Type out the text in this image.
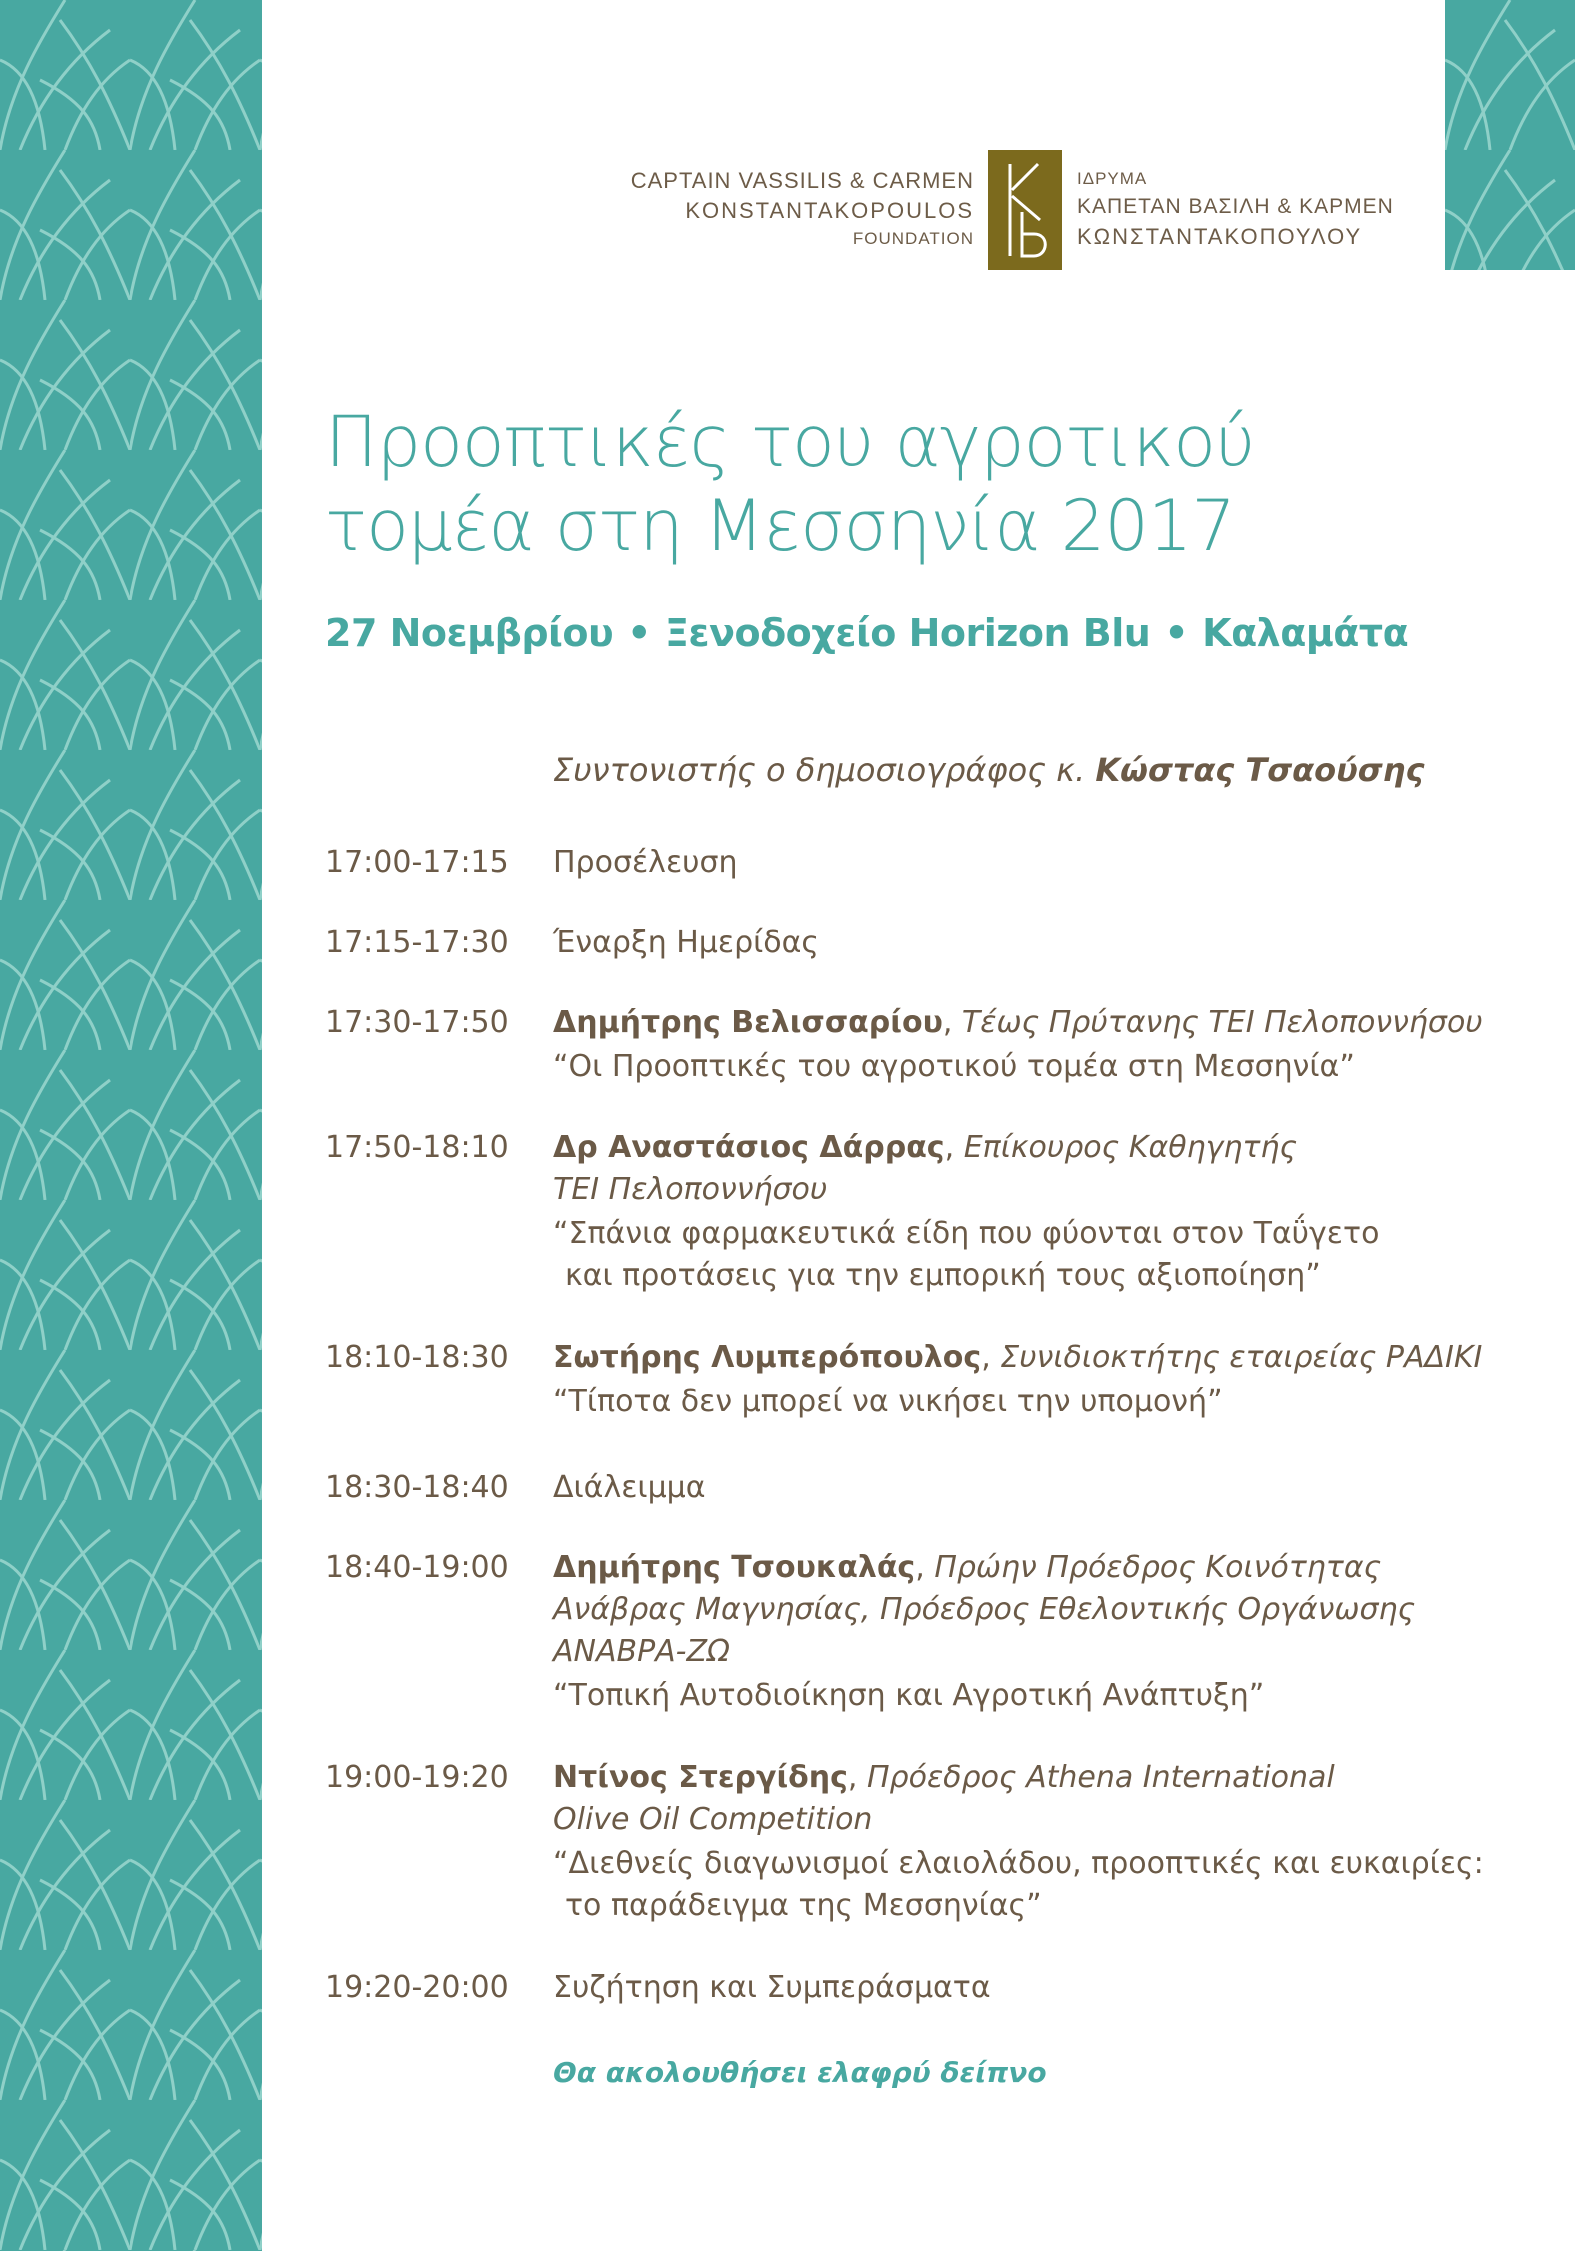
CAPTAIN VASSILIS & CARMEN
KONSTANTAKOPOULOS
FOUNDATION
ΙΔΡΥΜΑ
ΚΑΠΕΤΑΝ ΒΑΣΙΛΗ & ΚΑΡΜΕΝ
ΚΩΝΣΤΑΝΤΑΚΟΠΟΥΛΟΥ
Προοπτικές του αγροτικού
τομέα στη Μεσσηνία 2017
27 Νοεμβρίου • Ξενοδοχείο Horizon Blu • Καλαμάτα
Συντονιστής ο δημοσιογράφος κ. Κώστας Τσαούσης
17:00-17:15	Προσέλευση
17:15-17:30	Έναρξη Ημερίδας
17:30-17:50	Δημήτρης Βελισσαρίου, Τέως Πρύτανης ΤΕΙ Πελοποννήσου
“Οι Προοπτικές του αγροτικού τομέα στη Μεσσηνία”
17:50-18:10	Δρ Αναστάσιος Δάρρας, Επίκουρος Καθηγητής
ΤΕΙ Πελοποννήσου
“Σπάνια φαρμακευτικά είδη που φύονται στον Ταΰγετο
και προτάσεις για την εμπορική τους αξιοποίηση”
18:10-18:30	Σωτήρης Λυμπερόπουλος, Συνιδιοκτήτης εταιρείας ΡΑΔΙΚΙ
“Τίποτα δεν μπορεί να νικήσει την υπομονή”
18:30-18:40	Διάλειμμα
18:40-19:00	Δημήτρης Τσουκαλάς, Πρώην Πρόεδρος Κοινότητας
Ανάβρας Μαγνησίας, Πρόεδρος Εθελοντικής Οργάνωσης
ΑΝΑΒΡΑ-ΖΩ
“Τοπική Αυτοδιοίκηση και Αγροτική Ανάπτυξη”
19:00-19:20	Ντίνος Στεργίδης, Πρόεδρος Athena International
Olive Oil Competition
“Διεθνείς διαγωνισμοί ελαιολάδου, προοπτικές και ευκαιρίες:
το παράδειγμα της Μεσσηνίας”
19:20-20:00	Συζήτηση και Συμπεράσματα
Θα ακολουθήσει ελαφρύ δείπνο
